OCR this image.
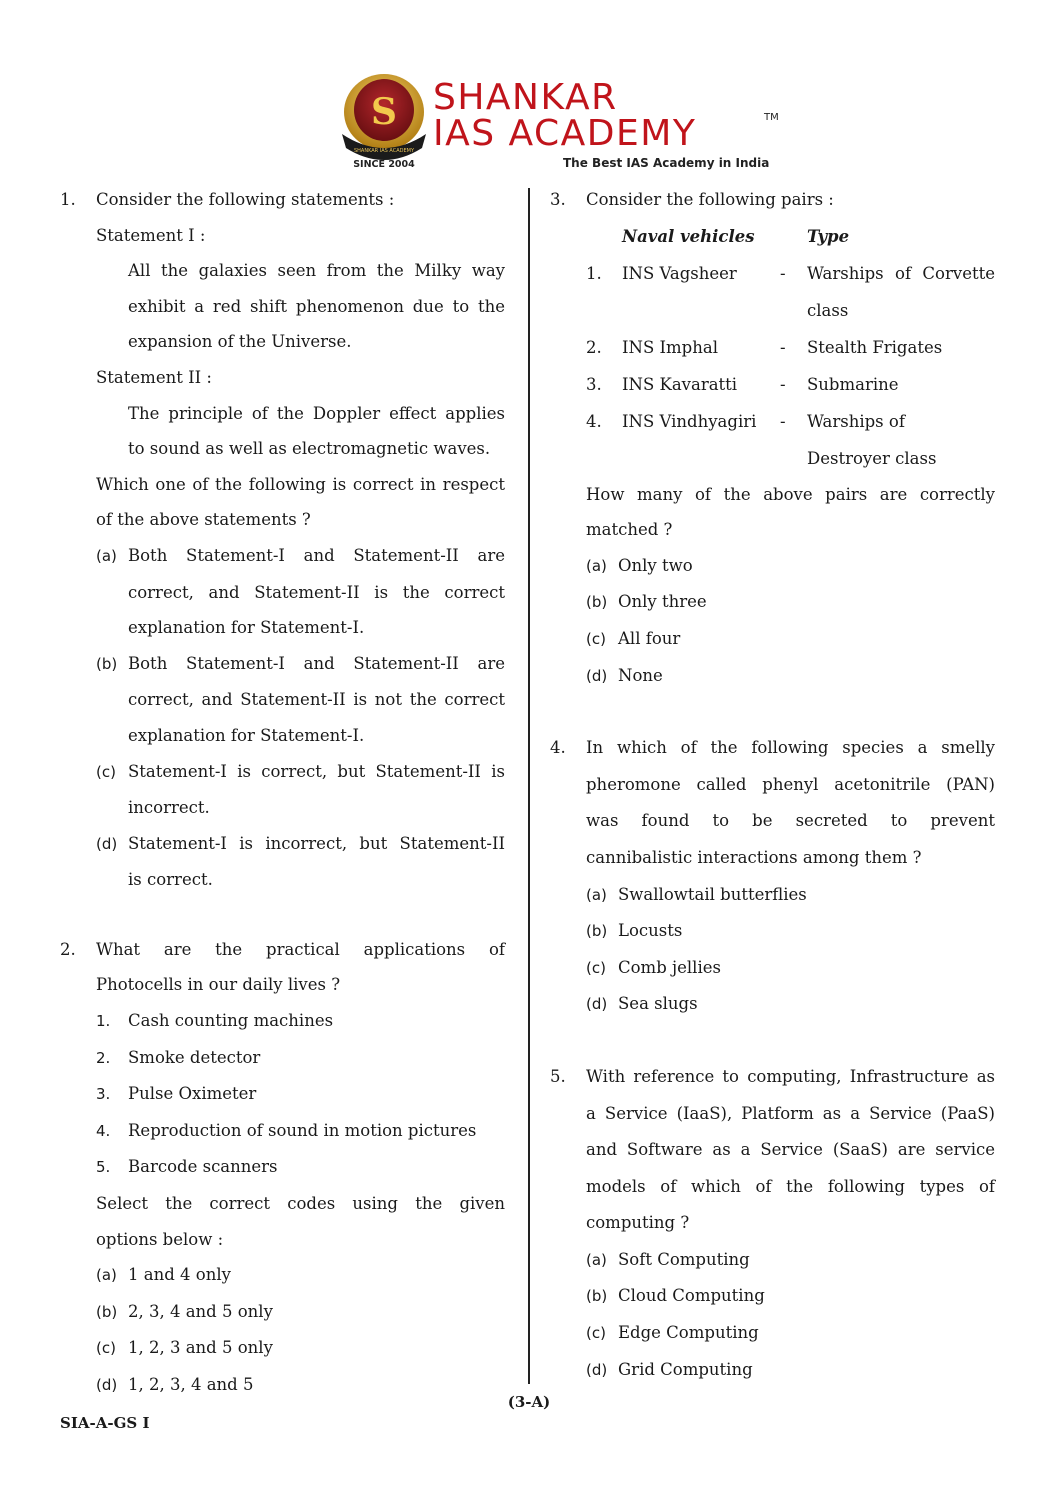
S
SHANKAR IAS ACADEMY
SINCE 2004
SHANKAR
IAS ACADEMY	TM
The Best IAS Academy in India
1.	Consider the following statements :
Statement I :
All the galaxies seen from the Milky way
exhibit a red shift phenomenon due to the
expansion of the Universe.
Statement II :
The principle of the Doppler effect applies
to sound as well as electromagnetic waves.
Which one of the following is correct in respect
of the above statements ?
(a) Both Statement-I and Statement-II are
correct, and Statement-II is the correct
explanation for Statement-I.
(b) Both Statement-I and Statement-II are
correct, and Statement-II is not the correct
explanation for Statement-I.
(c) Statement-I is correct, but Statement-II is
incorrect.
(d) Statement-I is incorrect, but Statement-II
is correct.
2.	What are the practical applications of
Photocells in our daily lives ?
1.	Cash counting machines
2.	Smoke detector
3.	Pulse Oximeter
4.	Reproduction of sound in motion pictures
5.	Barcode scanners
Select the correct codes using the given
options below :
(a) 1 and 4 only
(b) 2, 3, 4 and 5 only
(c) 1, 2, 3 and 5 only
(d) 1, 2, 3, 4 and 5
3.	Consider the following pairs :
Naval vehicles	Type
1.	INS Vagsheer	-	Warships of Corvette
class
2.	INS Imphal	-	Stealth Frigates
3.	INS Kavaratti	-	Submarine
4.	INS Vindhyagiri	-	Warships of
Destroyer class
How many of the above pairs are correctly
matched ?
(a) Only two
(b) Only three
(c) All four
(d) None
4.	In which of the following species a smelly
pheromone called phenyl acetonitrile (PAN)
was found to be secreted to prevent
cannibalistic interactions among them ?
(a) Swallowtail butterflies
(b) Locusts
(c) Comb jellies
(d) Sea slugs
5.	With reference to computing, Infrastructure as
a Service (IaaS), Platform as a Service (PaaS)
and Software as a Service (SaaS) are service
models of which of the following types of
computing ?
(a) Soft Computing
(b) Cloud Computing
(c) Edge Computing
(d) Grid Computing
(3-A)
SIA-A-GS I
